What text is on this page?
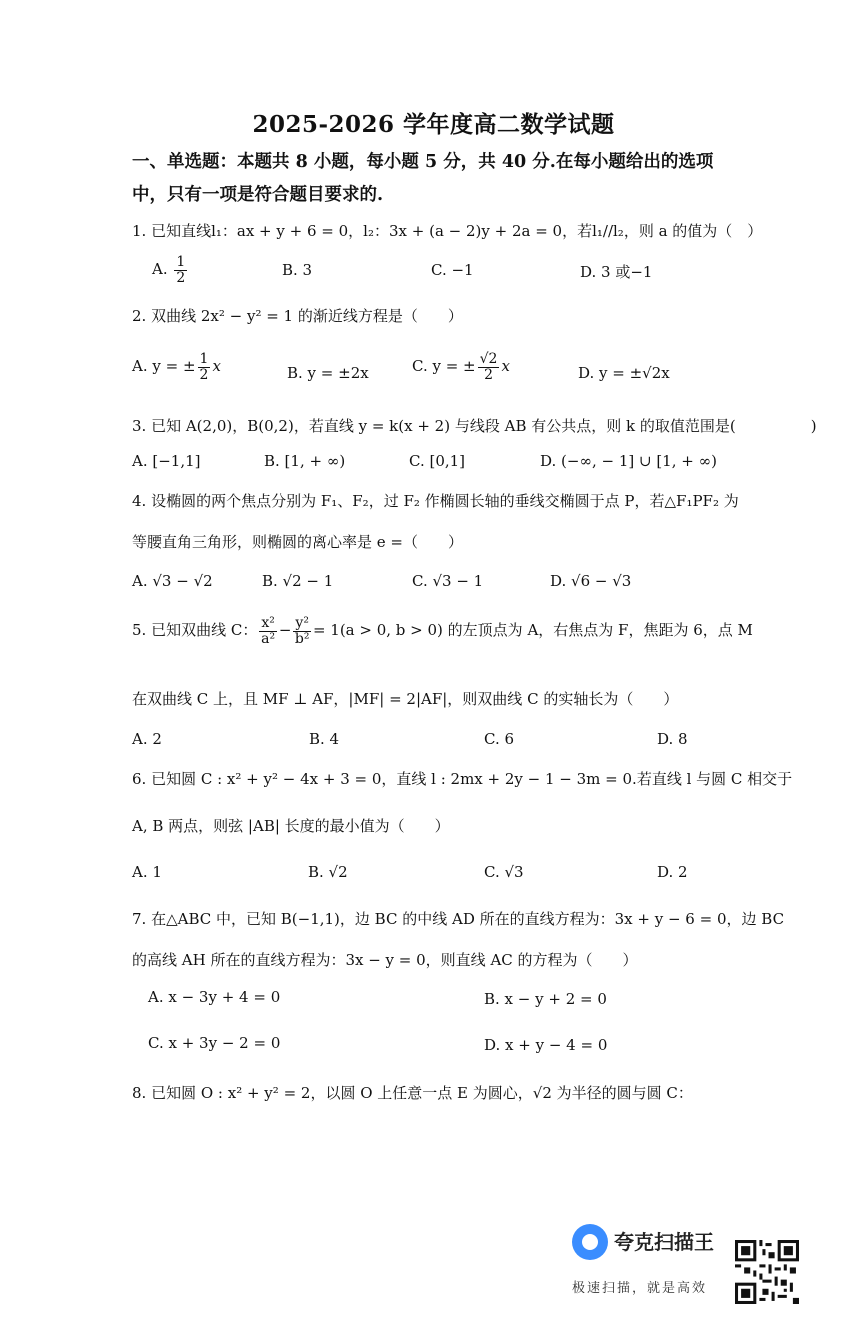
2025-2026 学年度高二数学试题
一、单选题：本题共 8 小题，每小题 5 分，共 40 分.在每小题给出的选项中，只有一项是符合题目要求的.
1. 已知直线l₁：ax + y + 6 = 0，l₂：3x + (a − 2)y + 2a = 0，若l₁//l₂，则 a 的值为（　）
A. $\frac{1}{2}$	B. 3	C. −1	D. 3 或−1
2. 双曲线 2x² − y² = 1 的渐近线方程是（　　）
A. y = ± $\frac{1}{2}$ x	B. y = ±2x	C. y = ± $\frac{√2}{2}$ x	D. y = ±√2x
3. 已知 A(2,0)，B(0,2)，若直线 y = k(x + 2) 与线段 AB 有公共点，则 k 的取值范围是(　　　　　)
A. [−1,1]	B. [1, + ∞)	C. [0,1]	D. (−∞, − 1] ∪ [1, + ∞)
4. 设椭圆的两个焦点分别为 F₁、F₂，过 F₂ 作椭圆长轴的垂线交椭圆于点 P，若△F₁PF₂ 为
等腰直角三角形，则椭圆的离心率是 e =（　　）
A. √3 − √2	B. √2 − 1	C. √3 − 1	D. √6 − √3
5. 已知双曲线 C： $\frac{\text{x²}}{\text{a²}} - \frac{\text{y²}}{\text{b²}} = 1(a > 0$, b > 0) 的左顶点为 A，右焦点为 F，焦距为 6，点 M
在双曲线 C 上，且 MF ⊥ AF，|MF| = 2|AF|，则双曲线 C 的实轴长为（　　）
A. 2	B. 4	C. 6	D. 8
6. 已知圆 C : x² + y² − 4x + 3 = 0，直线 l : 2mx + 2y − 1 − 3m = 0.若直线 l 与圆 C 相交于
A, B 两点，则弦 |AB| 长度的最小值为（　　）
A. 1	B. √2	C. √3	D. 2
7. 在△ABC 中，已知 B(−1,1)，边 BC 的中线 AD 所在的直线方程为：3x + y − 6 = 0，边 BC
的高线 AH 所在的直线方程为：3x − y = 0，则直线 AC 的方程为（　　）
A. x − 3y + 4 = 0	B. x − y + 2 = 0
C. x + 3y − 2 = 0	D. x + y − 4 = 0
8. 已知圆 O : x² + y² = 2，以圆 O 上任意一点 E 为圆心，√2 为半径的圆与圆 C：
夸克扫描王
极速扫描，就是高效
